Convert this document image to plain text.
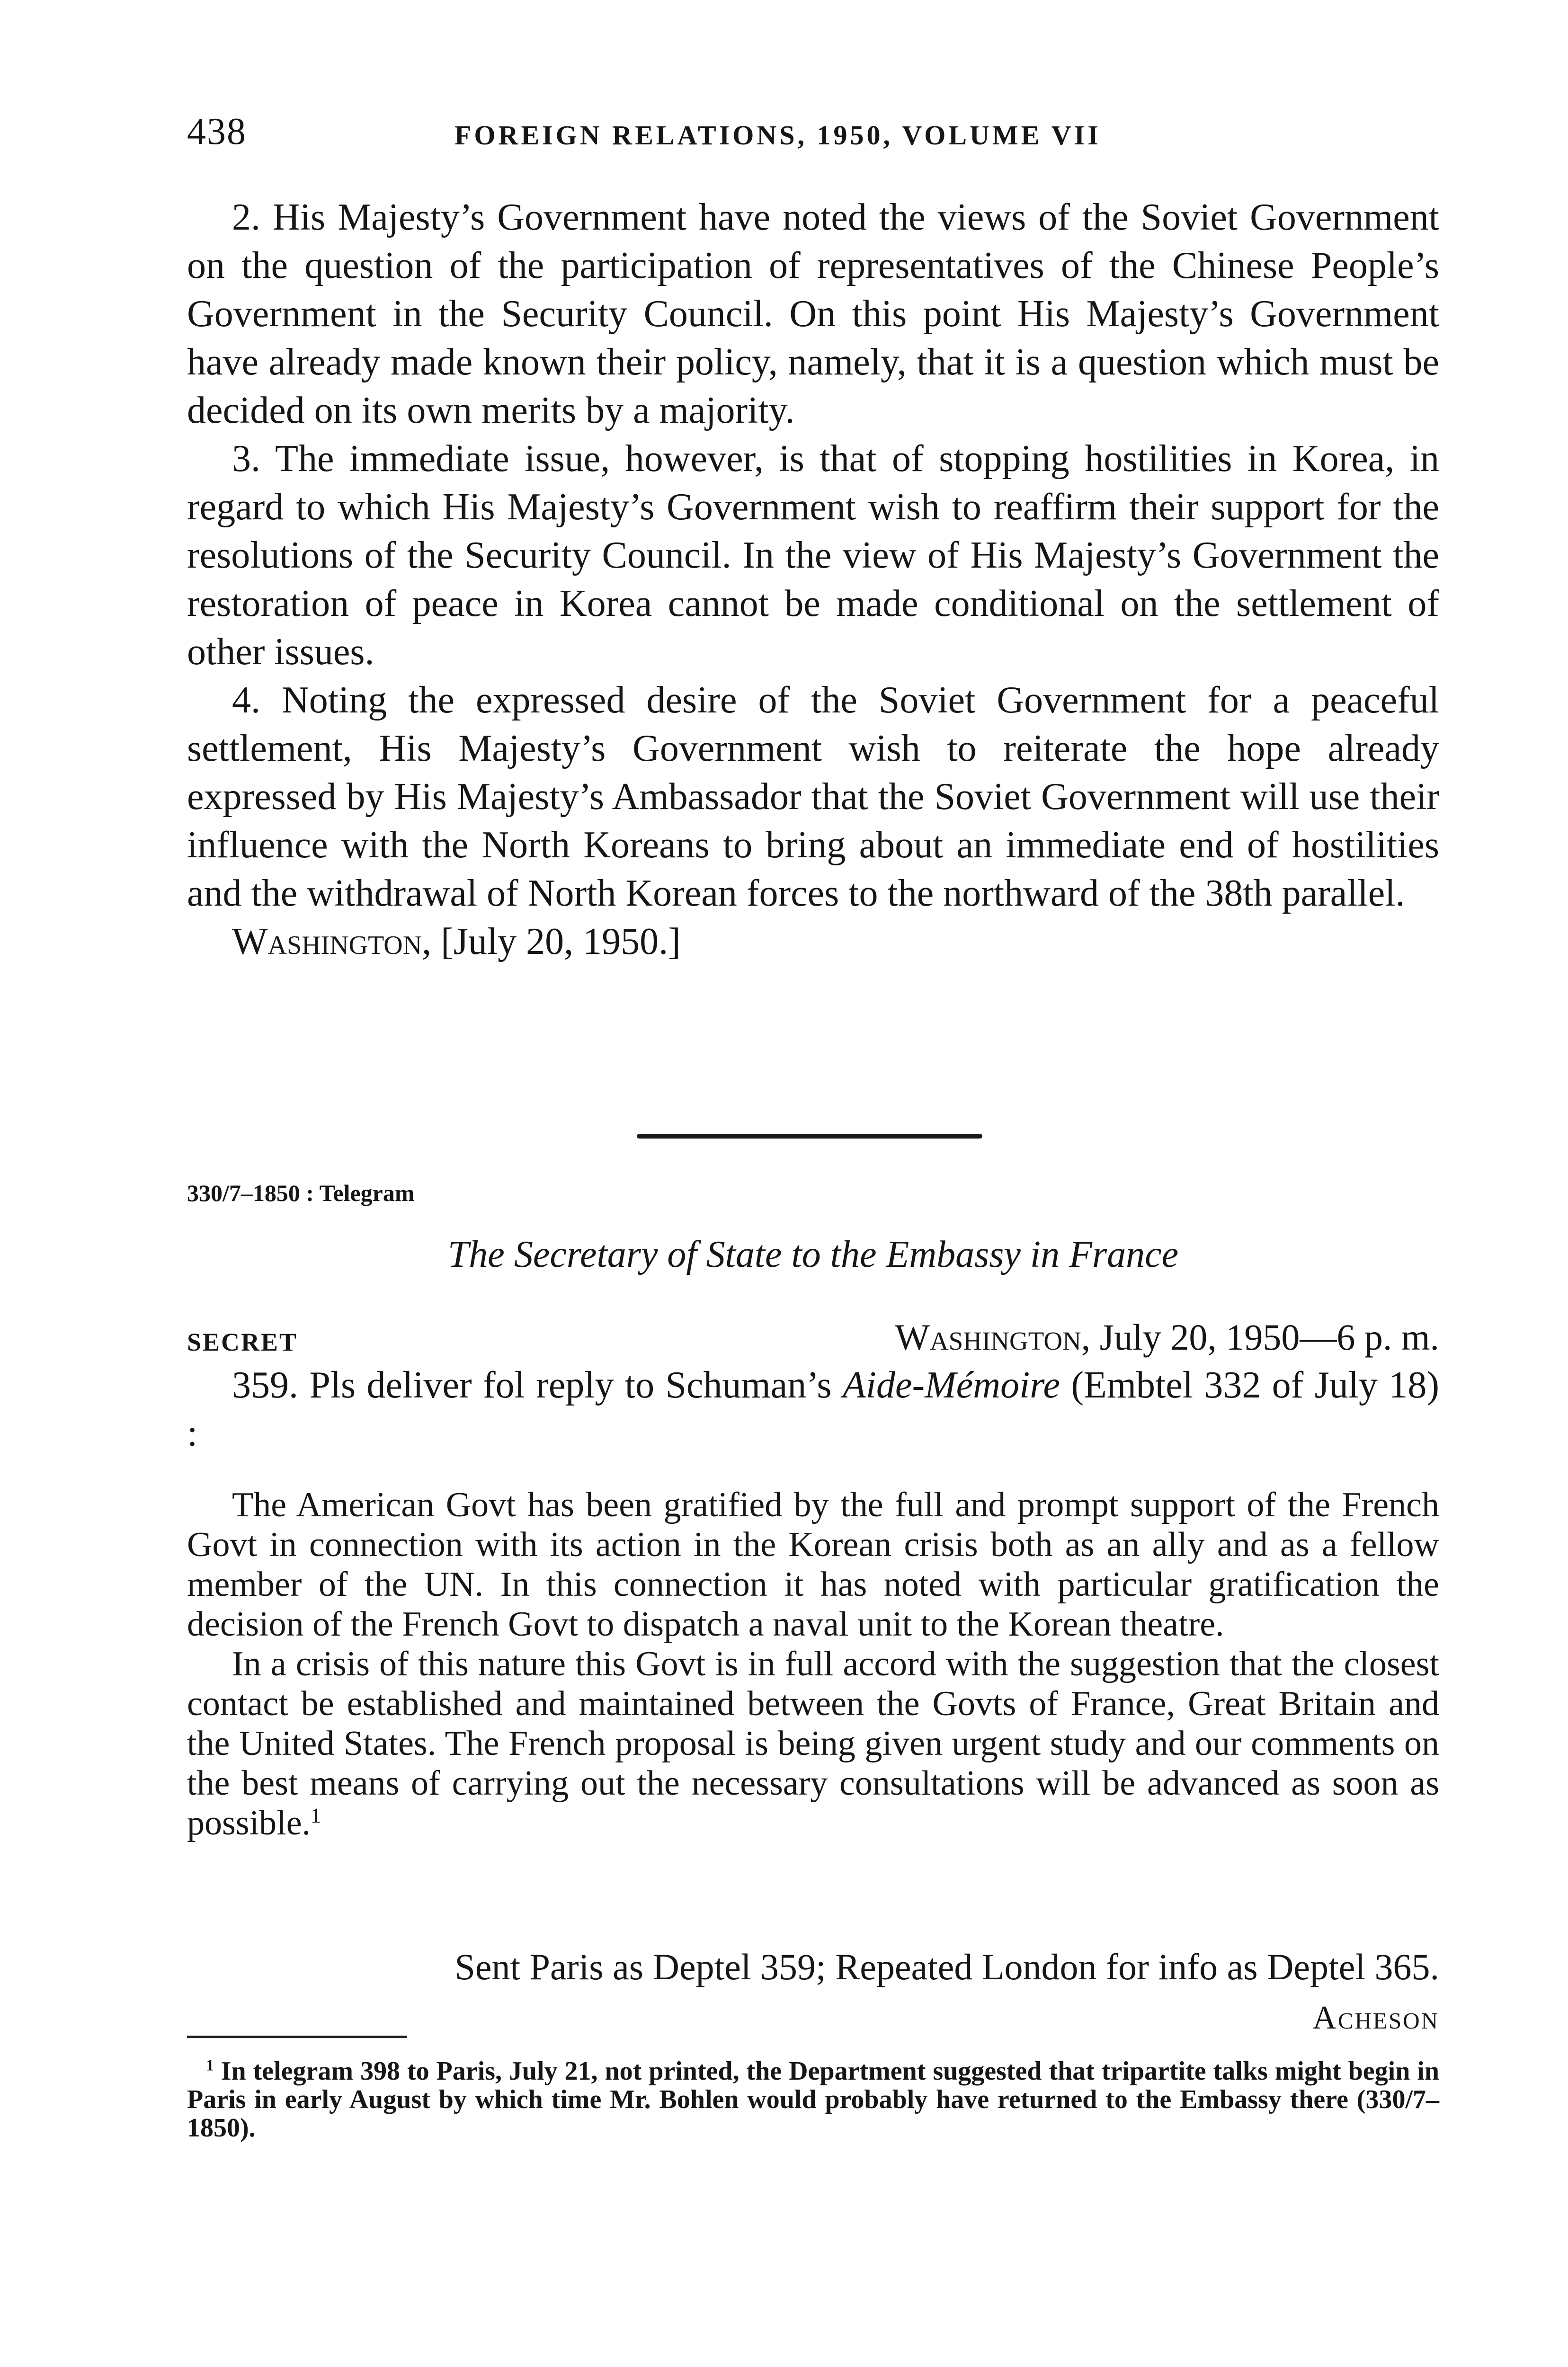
438	FOREIGN RELATIONS, 1950, VOLUME VII

2. His Majesty’s Government have noted the views of the Soviet Government on the question of the participation of representatives of the Chinese People’s Government in the Security Council. On this point His Majesty’s Government have already made known their policy, namely, that it is a question which must be decided on its own merits by a majority.

3. The immediate issue, however, is that of stopping hostilities in Korea, in regard to which His Majesty’s Government wish to reaffirm their support for the resolutions of the Security Council. In the view of His Majesty’s Government the restoration of peace in Korea cannot be made conditional on the settlement of other issues.

4. Noting the expressed desire of the Soviet Government for a peaceful settlement, His Majesty’s Government wish to reiterate the hope already expressed by His Majesty’s Ambassador that the Soviet Government will use their influence with the North Koreans to bring about an immediate end of hostilities and the withdrawal of North Korean forces to the northward of the 38th parallel.

Washington, [July 20, 1950.]

330/7–1850 : Telegram
The Secretary of State to the Embassy in France
SECRET	Washington, July 20, 1950—6 p. m.

359. Pls deliver fol reply to Schuman’s Aide-Mémoire (Embtel 332 of July 18) :

The American Govt has been gratified by the full and prompt support of the French Govt in connection with its action in the Korean crisis both as an ally and as a fellow member of the UN. In this connection it has noted with particular gratification the decision of the French Govt to dispatch a naval unit to the Korean theatre.

In a crisis of this nature this Govt is in full accord with the suggestion that the closest contact be established and maintained between the Govts of France, Great Britain and the United States. The French proposal is being given urgent study and our comments on the best means of carrying out the necessary consultations will be advanced as soon as possible.$^1$

Sent Paris as Deptel 359; Repeated London for info as Deptel 365.
Acheson

$^1$ In telegram 398 to Paris, July 21, not printed, the Department suggested that tripartite talks might begin in Paris in early August by which time Mr. Bohlen would probably have returned to the Embassy there (330/7–1850).
